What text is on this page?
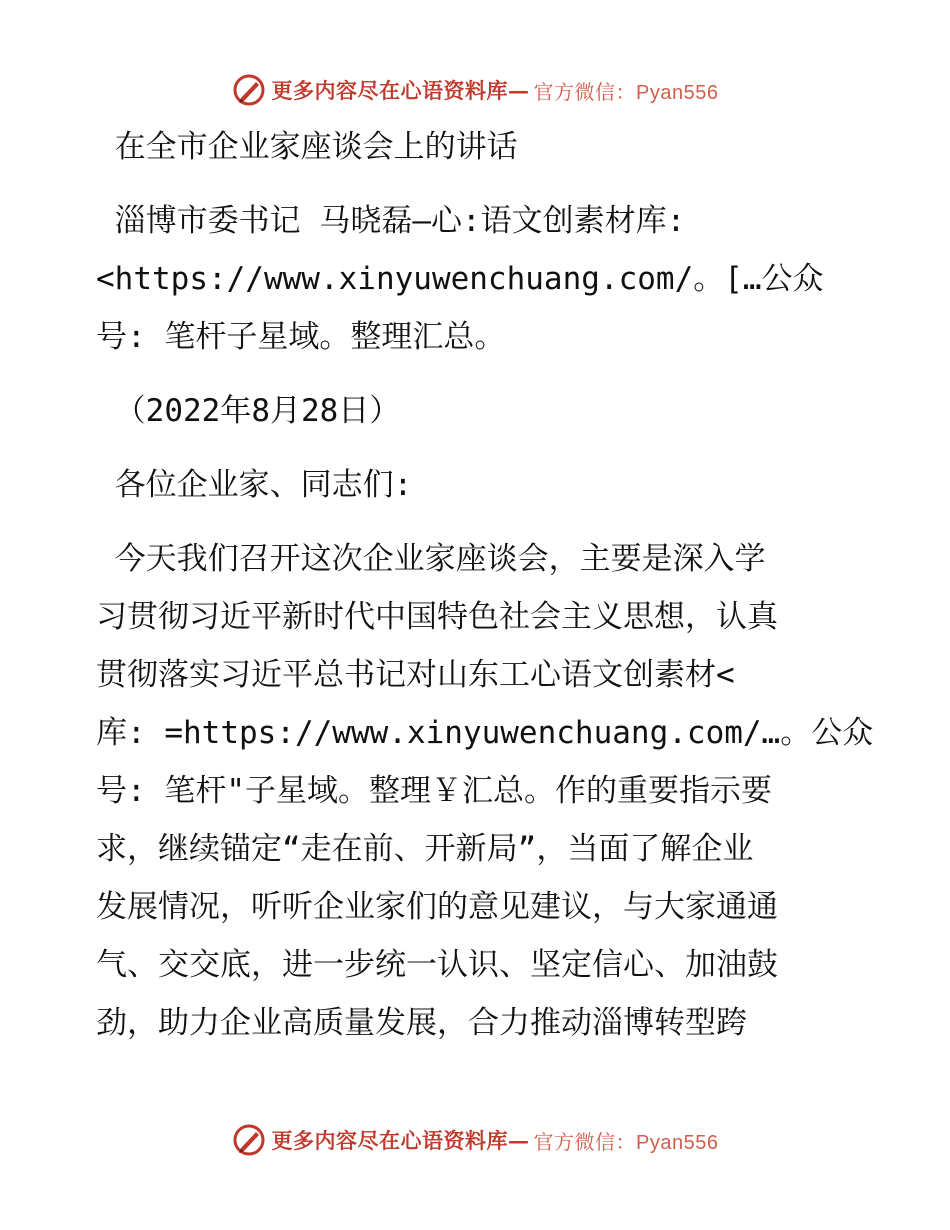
更多内容尽在心语资料库— 官方微信：Pyan556
在全市企业家座谈会上的讲话
淄博市委书记 马晓磊—心:语文创素材库:
<https://www.xinyuwenchuang.com/。[…公众
号: 笔杆子星域。整理汇总。
（2022年8月28日）
各位企业家、同志们:
今天我们召开这次企业家座谈会，主要是深入学
习贯彻习近平新时代中国特色社会主义思想，认真
贯彻落实习近平总书记对山东工心语文创素材<
库: =https://www.xinyuwenchuang.com/…。公众
号: 笔杆"子星域。整理￥汇总。作的重要指示要
求，继续锚定“走在前、开新局”，当面了解企业
发展情况，听听企业家们的意见建议，与大家通通
气、交交底，进一步统一认识、坚定信心、加油鼓
劲，助力企业高质量发展，合力推动淄博转型跨
更多内容尽在心语资料库— 官方微信：Pyan556
